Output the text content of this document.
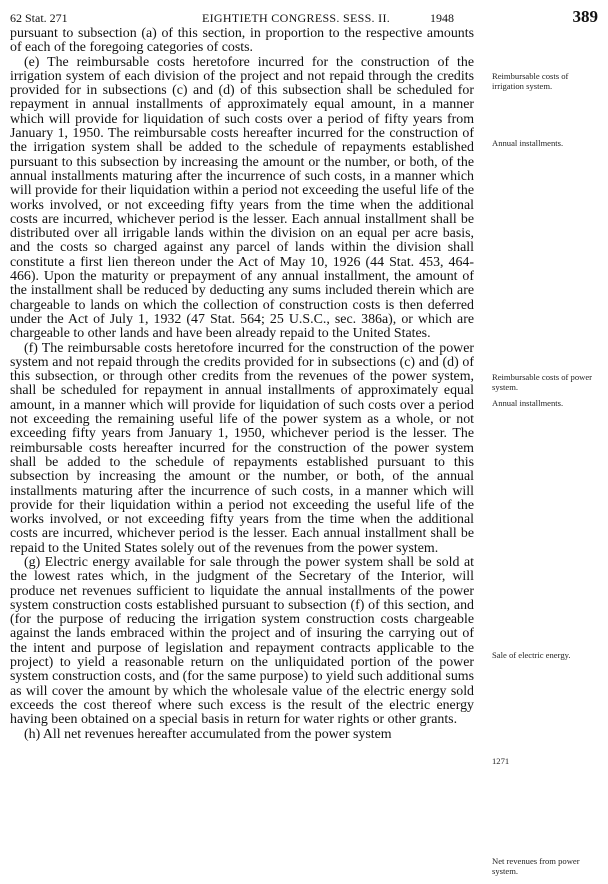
62 Stat. 271	EIGHTIETH CONGRESS. SESS. II.	1948	389

pursuant to subsection (a) of this section, in proportion to the respective amounts of each of the foregoing categories of costs.

(e) The reimbursable costs heretofore incurred for the construction of the irrigation system of each division of the project and not repaid through the credits provided for in subsections (c) and (d) of this subsection shall be scheduled for repayment in annual installments of approximately equal amount, in a manner which will provide for liquidation of such costs over a period of fifty years from January 1, 1950. The reimbursable costs hereafter incurred for the construction of the irrigation system shall be added to the schedule of repayments established pursuant to this subsection by increasing the amount or the number, or both, of the annual installments maturing after the incurrence of such costs, in a manner which will provide for their liquidation within a period not exceeding the useful life of the works involved, or not exceeding fifty years from the time when the additional costs are incurred, whichever period is the lesser. Each annual installment shall be distributed over all irrigable lands within the division on an equal per acre basis, and the costs so charged against any parcel of lands within the division shall constitute a first lien thereon under the Act of May 10, 1926 (44 Stat. 453, 464-466). Upon the maturity or prepayment of any annual installment, the amount of the installment shall be reduced by deducting any sums included therein which are chargeable to lands on which the collection of construction costs is then deferred under the Act of July 1, 1932 (47 Stat. 564; 25 U.S.C., sec. 386a), or which are chargeable to other lands and have been already repaid to the United States.

(f) The reimbursable costs heretofore incurred for the construction of the power system and not repaid through the credits provided for in subsections (c) and (d) of this subsection, or through other credits from the revenues of the power system, shall be scheduled for repayment in annual installments of approximately equal amount, in a manner which will provide for liquidation of such costs over a period not exceeding the remaining useful life of the power system as a whole, or not exceeding fifty years from January 1, 1950, whichever period is the lesser. The reimbursable costs hereafter incurred for the construction of the power system shall be added to the schedule of repayments established pursuant to this subsection by increasing the amount or the number, or both, of the annual installments maturing after the incurrence of such costs, in a manner which will provide for their liquidation within a period not exceeding the useful life of the works involved, or not exceeding fifty years from the time when the additional costs are incurred, whichever period is the lesser. Each annual installment shall be repaid to the United States solely out of the revenues from the power system.

(g) Electric energy available for sale through the power system shall be sold at the lowest rates which, in the judgment of the Secretary of the Interior, will produce net revenues sufficient to liquidate the annual installments of the power system construction costs established pursuant to subsection (f) of this section, and (for the purpose of reducing the irrigation system construction costs chargeable against the lands embraced within the project and of insuring the carrying out of the intent and purpose of legislation and repayment contracts applicable to the project) to yield a reasonable return on the unliquidated portion of the power system construction costs, and (for the same purpose) to yield such additional sums as will cover the amount by which the wholesale value of the electric energy sold exceeds the cost thereof where such excess is the result of the electric energy having been obtained on a special basis in return for water rights or other grants.

(h) All net revenues hereafter accumulated from the power system

Reimbursable costs of irrigation system.
Annual installments.
Reimbursable costs of power system.
Annual installments.
Sale of electric energy.
1271
Net revenues from power system.
